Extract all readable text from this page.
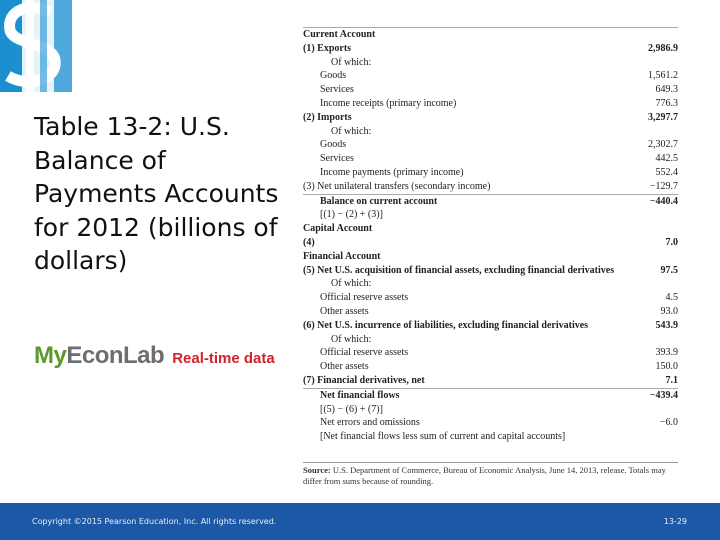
Table 13-2: U.S. Balance of Payments Accounts for 2012 (billions of dollars)
MyEconLab Real-time data
Current Account
(1) Exports	2,986.9
Of which:
Goods	1,561.2
Services	649.3
Income receipts (primary income)	776.3
(2) Imports	3,297.7
Of which:
Goods	2,302.7
Services	442.5
Income payments (primary income)	552.4
(3) Net unilateral transfers (secondary income)	−129.7
Balance on current account	−440.4
[(1) − (2) + (3)]
Capital Account
(4)	7.0
Financial Account
(5) Net U.S. acquisition of financial assets, excluding financial derivatives	97.5
Of which:
Official reserve assets	4.5
Other assets	93.0
(6) Net U.S. incurrence of liabilities, excluding financial derivatives	543.9
Of which:
Official reserve assets	393.9
Other assets	150.0
(7) Financial derivatives, net	7.1
Net financial flows	−439.4
[(5) − (6) + (7)]
Net errors and omissions	−6.0
[Net financial flows less sum of current and capital accounts]
Source: U.S. Department of Commerce, Bureau of Economic Analysis, June 14, 2013, release. Totals may differ from sums because of rounding.
Copyright ©2015 Pearson Education, Inc. All rights reserved.	13-29
